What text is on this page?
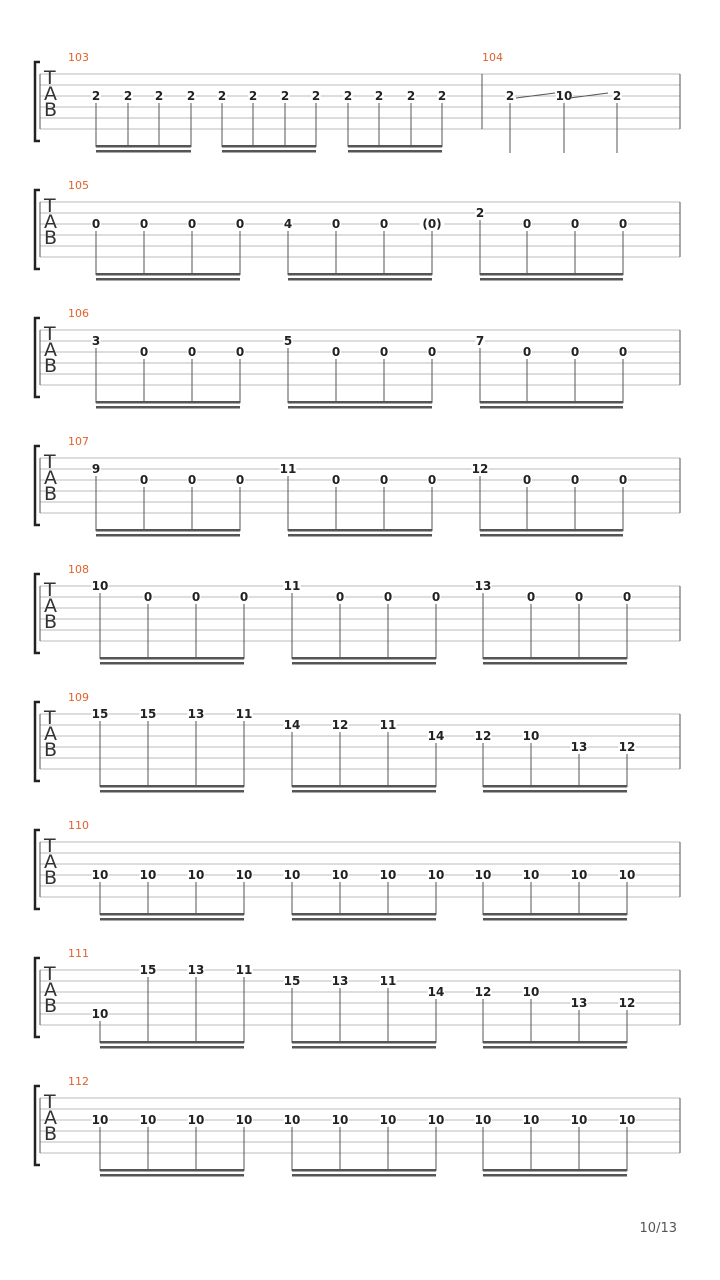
T
A
B
103
2 2 2 2 2 2 2 2 2 2 2 2
104
2	10	2
T
A
B
105
0	0	0	0	4	0	0	(0)
2
0	0	0
T
A
B
106
3
0	0	0
5
0	0	0
7
0	0	0
T
A
B
107
9
0	0	0
11
0	0	0
12
0	0	0
T
A
B
108
10
0	0	0
11
0	0	0
13
0	0	0
T
A
B
109
15	15	13	11
14	12	11
14	12	10
13	12
T
A
B
110
10	10	10	10	10	10	10	10	10	10	10	10
T
A
B
111
10
15	13	11
15	13	11
14	12	10
13	12
T
A
B
112
10	10	10	10	10	10	10	10	10	10	10	10
10/13
